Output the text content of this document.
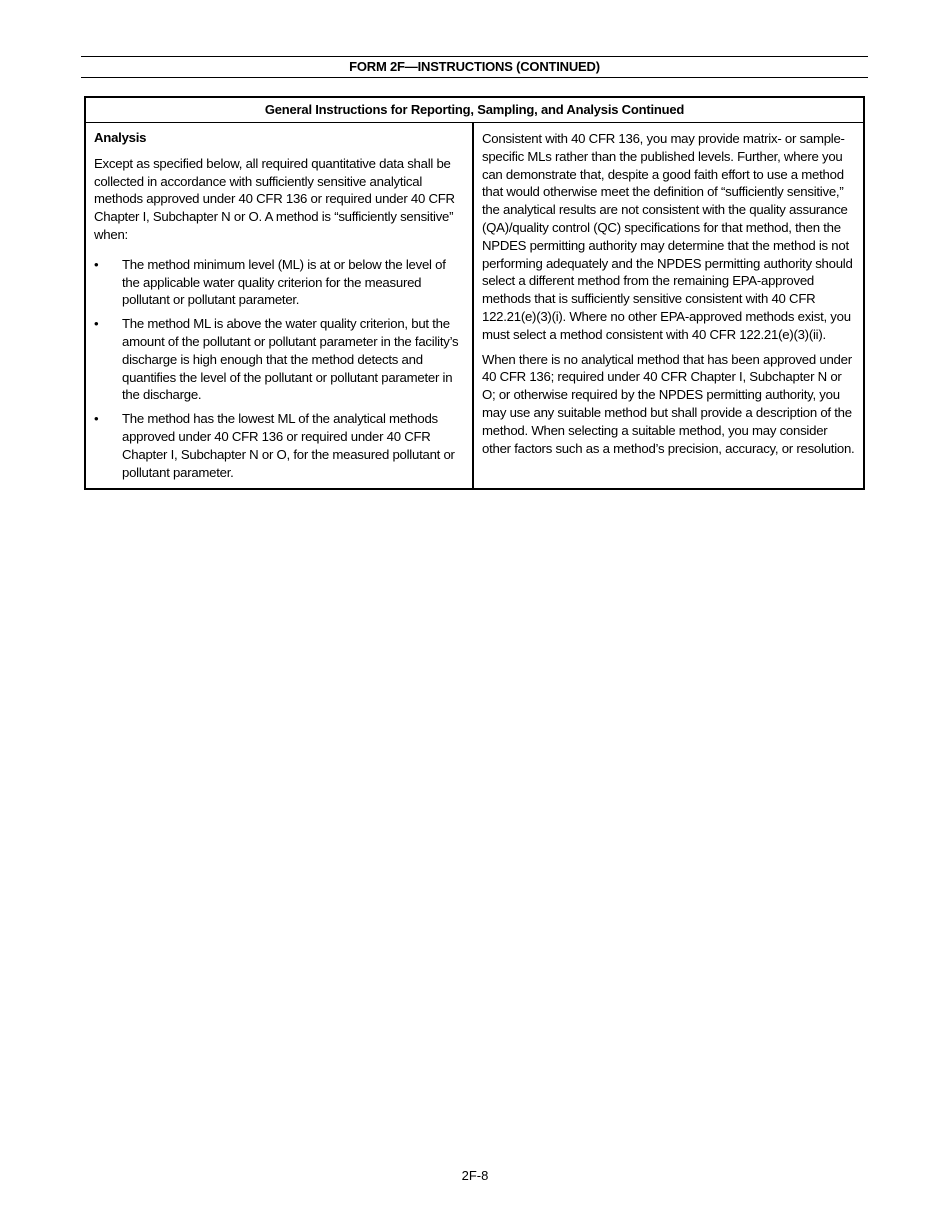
FORM 2F—INSTRUCTIONS (CONTINUED)
General Instructions for Reporting, Sampling, and Analysis Continued

Analysis

Except as specified below, all required quantitative data shall be collected in accordance with sufficiently sensitive analytical methods approved under 40 CFR 136 or required under 40 CFR Chapter I, Subchapter N or O. A method is “sufficiently sensitive” when:

•	The method minimum level (ML) is at or below the level of the applicable water quality criterion for the measured pollutant or pollutant parameter.
•	The method ML is above the water quality criterion, but the amount of the pollutant or pollutant parameter in the facility’s discharge is high enough that the method detects and quantifies the level of the pollutant or pollutant parameter in the discharge.
•	The method has the lowest ML of the analytical methods approved under 40 CFR 136 or required under 40 CFR Chapter I, Subchapter N or O, for the measured pollutant or pollutant parameter.

Consistent with 40 CFR 136, you may provide matrix- or sample-specific MLs rather than the published levels. Further, where you can demonstrate that, despite a good faith effort to use a method that would otherwise meet the definition of “sufficiently sensitive,” the analytical results are not consistent with the quality assurance (QA)/quality control (QC) specifications for that method, then the NPDES permitting authority may determine that the method is not performing adequately and the NPDES permitting authority should select a different method from the remaining EPA-approved methods that is sufficiently sensitive consistent with 40 CFR 122.21(e)(3)(i). Where no other EPA-approved methods exist, you must select a method consistent with 40 CFR 122.21(e)(3)(ii).

When there is no analytical method that has been approved under 40 CFR 136; required under 40 CFR Chapter I, Subchapter N or O; or otherwise required by the NPDES permitting authority, you may use any suitable method but shall provide a description of the method. When selecting a suitable method, you may consider other factors such as a method’s precision, accuracy, or resolution.

2F-8
